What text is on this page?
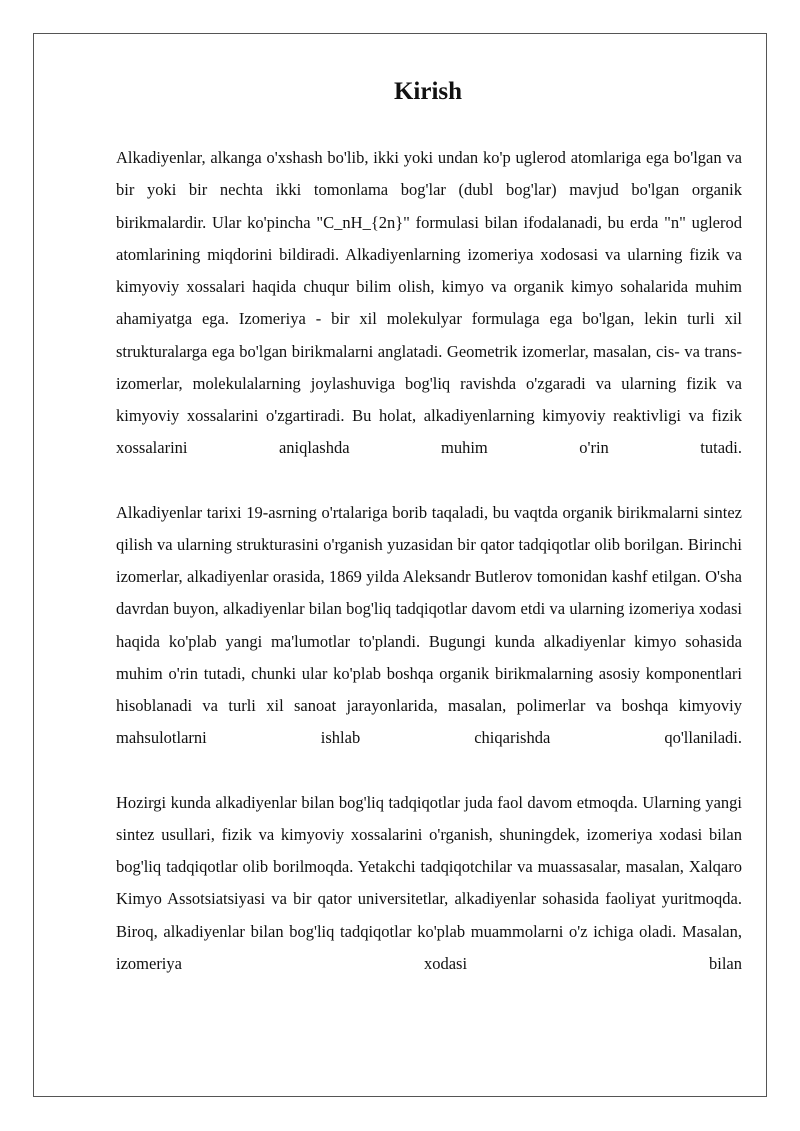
Kirish

Alkadiyenlar, alkanga o'xshash bo'lib, ikki yoki undan ko'p uglerod atomlariga ega bo'lgan va bir yoki bir nechta ikki tomonlama bog'lar (dubl bog'lar) mavjud bo'lgan organik birikmalardir. Ular ko'pincha "C_nH_{2n}" formulasi bilan ifodalanadi, bu erda "n" uglerod atomlarining miqdorini bildiradi. Alkadiyenlarning izomeriya xodosasi va ularning fizik va kimyoviy xossalari haqida chuqur bilim olish, kimyo va organik kimyo sohalarida muhim ahamiyatga ega. Izomeriya - bir xil molekulyar formulaga ega bo'lgan, lekin turli xil strukturalarga ega bo'lgan birikmalarni anglatadi. Geometrik izomerlar, masalan, cis- va trans- izomerlar, molekulalarning joylashuviga bog'liq ravishda o'zgaradi va ularning fizik va kimyoviy xossalarini o'zgartiradi. Bu holat, alkadiyenlarning kimyoviy reaktivligi va fizik xossalarini aniqlashda muhim o'rin tutadi.

Alkadiyenlar tarixi 19-asrning o'rtalariga borib taqaladi, bu vaqtda organik birikmalarni sintez qilish va ularning strukturasini o'rganish yuzasidan bir qator tadqiqotlar olib borilgan. Birinchi izomerlar, alkadiyenlar orasida, 1869 yilda Aleksandr Butlerov tomonidan kashf etilgan. O'sha davrdan buyon, alkadiyenlar bilan bog'liq tadqiqotlar davom etdi va ularning izomeriya xodasi haqida ko'plab yangi ma'lumotlar to'plandi. Bugungi kunda alkadiyenlar kimyo sohasida muhim o'rin tutadi, chunki ular ko'plab boshqa organik birikmalarning asosiy komponentlari hisoblanadi va turli xil sanoat jarayonlarida, masalan, polimerlar va boshqa kimyoviy mahsulotlarni ishlab chiqarishda qo'llaniladi.

Hozirgi kunda alkadiyenlar bilan bog'liq tadqiqotlar juda faol davom etmoqda. Ularning yangi sintez usullari, fizik va kimyoviy xossalarini o'rganish, shuningdek, izomeriya xodasi bilan bog'liq tadqiqotlar olib borilmoqda. Yetakchi tadqiqotchilar va muassasalar, masalan, Xalqaro Kimyo Assotsiatsiyasi va bir qator universitetlar, alkadiyenlar sohasida faoliyat yuritmoqda. Biroq, alkadiyenlar bilan bog'liq tadqiqotlar ko'plab muammolarni o'z ichiga oladi. Masalan, izomeriya xodasi bilan
